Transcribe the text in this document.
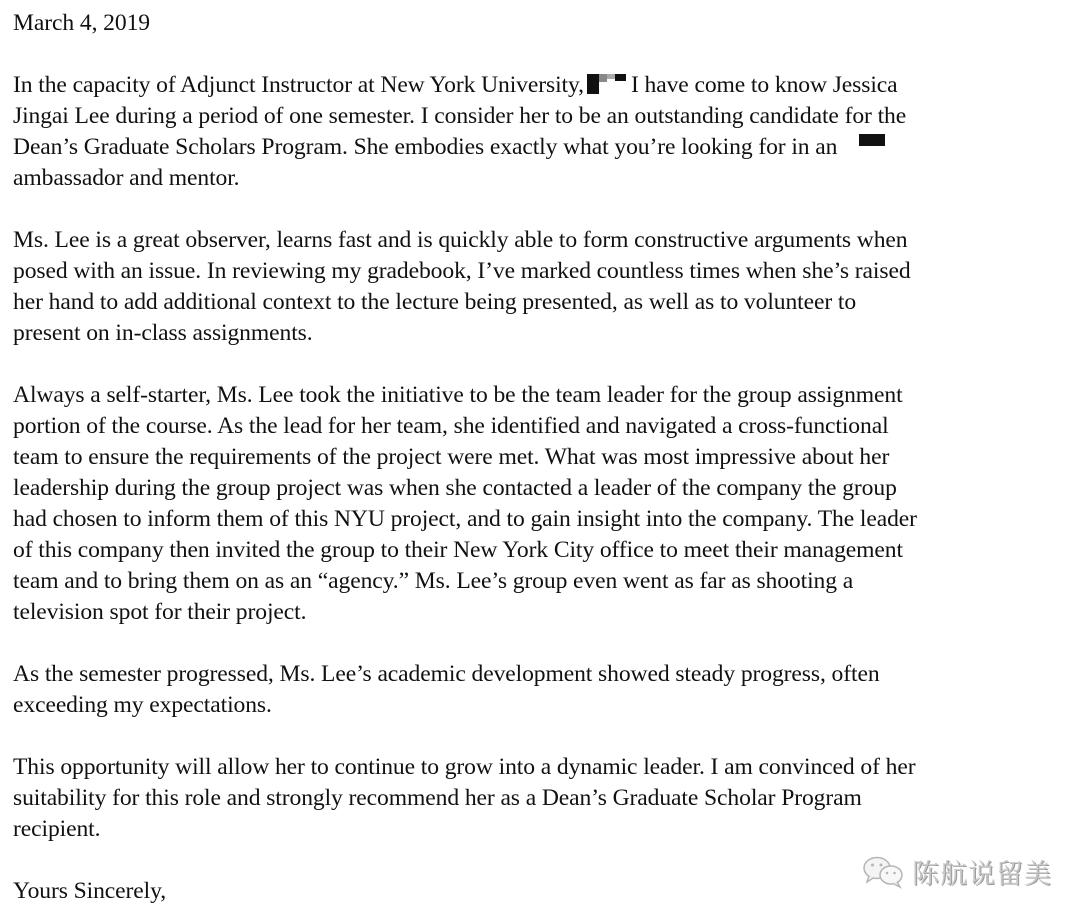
March 4, 2019
In the capacity of Adjunct Instructor at New York University, I have come to know Jessica
Jingai Lee during a period of one semester. I consider her to be an outstanding candidate for the
Dean’s Graduate Scholars Program. She embodies exactly what you’re looking for in an
ambassador and mentor.
Ms. Lee is a great observer, learns fast and is quickly able to form constructive arguments when
posed with an issue. In reviewing my gradebook, I’ve marked countless times when she’s raised
her hand to add additional context to the lecture being presented, as well as to volunteer to
present on in-class assignments.
Always a self-starter, Ms. Lee took the initiative to be the team leader for the group assignment
portion of the course. As the lead for her team, she identified and navigated a cross-functional
team to ensure the requirements of the project were met. What was most impressive about her
leadership during the group project was when she contacted a leader of the company the group
had chosen to inform them of this NYU project, and to gain insight into the company. The leader
of this company then invited the group to their New York City office to meet their management
team and to bring them on as an “agency.” Ms. Lee’s group even went as far as shooting a
television spot for their project.
As the semester progressed, Ms. Lee’s academic development showed steady progress, often
exceeding my expectations.
This opportunity will allow her to continue to grow into a dynamic leader. I am convinced of her
suitability for this role and strongly recommend her as a Dean’s Graduate Scholar Program
recipient.
Yours Sincerely,
陈航说留美
